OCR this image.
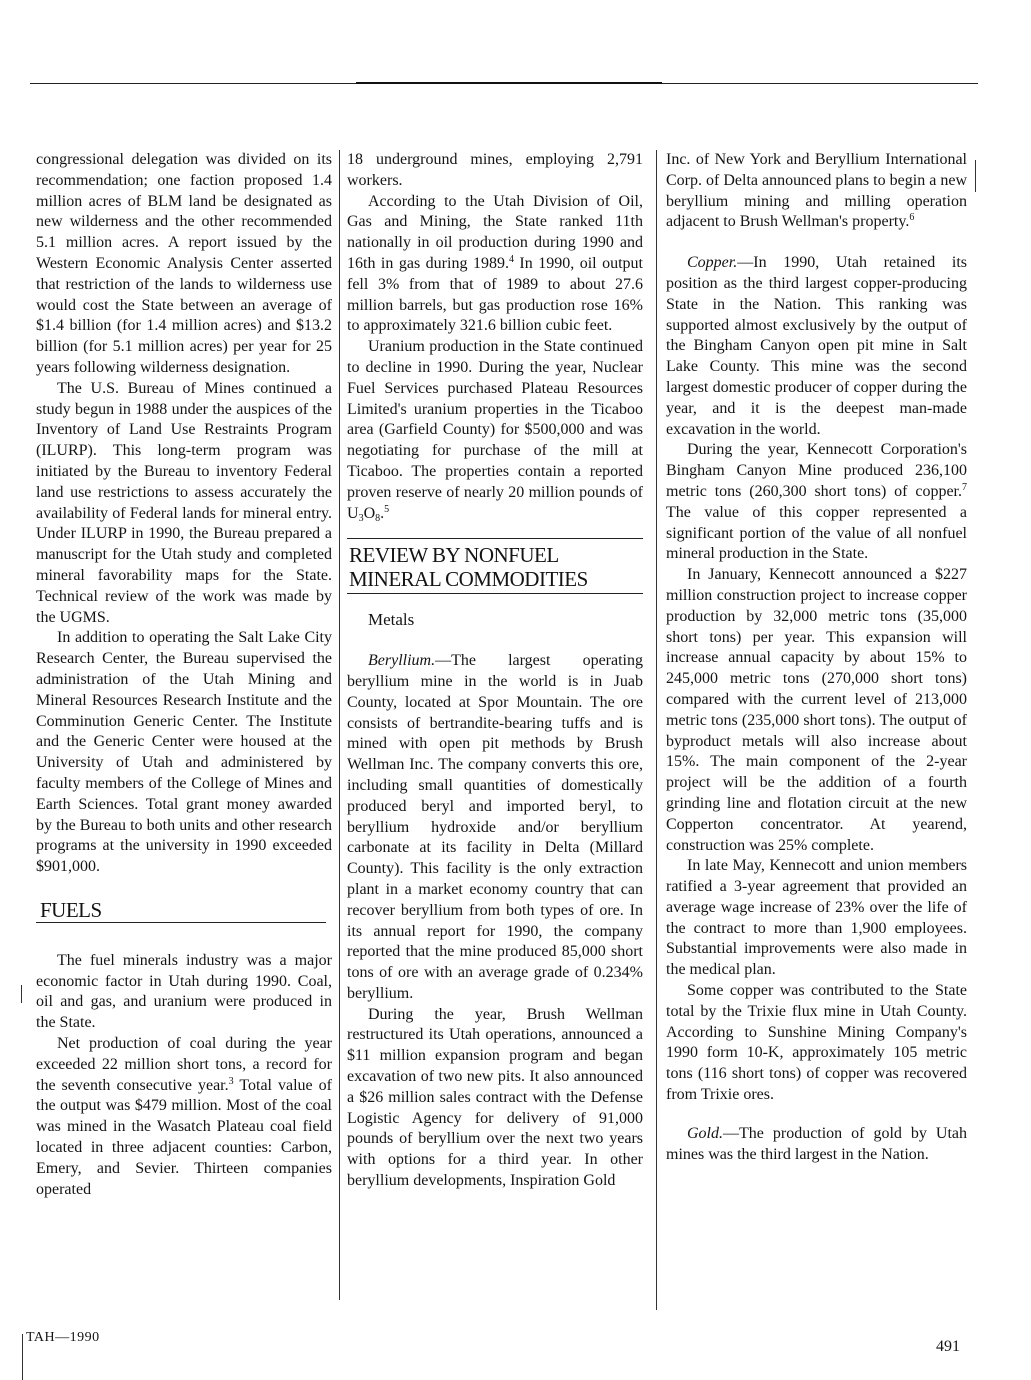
congressional delegation was divided on its recommendation; one faction proposed 1.4 million acres of BLM land be designated as new wilderness and the other recommended 5.1 million acres. A report issued by the Western Economic Analysis Center asserted that restriction of the lands to wilderness use would cost the State between an average of $1.4 billion (for 1.4 million acres) and $13.2 billion (for 5.1 million acres) per year for 25 years following wilderness designation.

The U.S. Bureau of Mines continued a study begun in 1988 under the auspices of the Inventory of Land Use Restraints Program (ILURP). This long-term program was initiated by the Bureau to inventory Federal land use restrictions to assess accurately the availability of Federal lands for mineral entry. Under ILURP in 1990, the Bureau prepared a manuscript for the Utah study and completed mineral favorability maps for the State. Technical review of the work was made by the UGMS.

In addition to operating the Salt Lake City Research Center, the Bureau supervised the administration of the Utah Mining and Mineral Resources Research Institute and the Comminution Generic Center. The Institute and the Generic Center were housed at the University of Utah and administered by faculty members of the College of Mines and Earth Sciences. Total grant money awarded by the Bureau to both units and other research programs at the university in 1990 exceeded $901,000.

FUELS

The fuel minerals industry was a major economic factor in Utah during 1990. Coal, oil and gas, and uranium were produced in the State.

Net production of coal during the year exceeded 22 million short tons, a record for the seventh consecutive year.$^3$ Total value of the output was $479 million. Most of the coal was mined in the Wasatch Plateau coal field located in three adjacent counties: Carbon, Emery, and Sevier. Thirteen companies operated

18 underground mines, employing 2,791 workers.

According to the Utah Division of Oil, Gas and Mining, the State ranked 11th nationally in oil production during 1990 and 16th in gas during 1989.$^4$ In 1990, oil output fell 3% from that of 1989 to about 27.6 million barrels, but gas production rose 16% to approximately 321.6 billion cubic feet.

Uranium production in the State continued to decline in 1990. During the year, Nuclear Fuel Services purchased Plateau Resources Limited's uranium properties in the Ticaboo area (Garfield County) for $500,000 and was negotiating for purchase of the mill at Ticaboo. The properties contain a reported proven reserve of nearly 20 million pounds of $U_3O_8.^5$

REVIEW BY NONFUEL
MINERAL COMMODITIES

Metals

Beryllium.—The largest operating beryllium mine in the world is in Juab County, located at Spor Mountain. The ore consists of bertrandite-bearing tuffs and is mined with open pit methods by Brush Wellman Inc. The company converts this ore, including small quantities of domestically produced beryl and imported beryl, to beryllium hydroxide and/or beryllium carbonate at its facility in Delta (Millard County). This facility is the only extraction plant in a market economy country that can recover beryllium from both types of ore. In its annual report for 1990, the company reported that the mine produced 85,000 short tons of ore with an average grade of 0.234% beryllium.

During the year, Brush Wellman restructured its Utah operations, announced a $11 million expansion program and began excavation of two new pits. It also announced a $26 million sales contract with the Defense Logistic Agency for delivery of 91,000 pounds of beryllium over the next two years with options for a third year. In other beryllium developments, Inspiration Gold

Inc. of New York and Beryllium International Corp. of Delta announced plans to begin a new beryllium mining and milling operation adjacent to Brush Wellman's property.$^6$

Copper.—In 1990, Utah retained its position as the third largest copper-producing State in the Nation. This ranking was supported almost exclusively by the output of the Bingham Canyon open pit mine in Salt Lake County. This mine was the second largest domestic producer of copper during the year, and it is the deepest man-made excavation in the world.

During the year, Kennecott Corporation's Bingham Canyon Mine produced 236,100 metric tons (260,300 short tons) of copper.$^7$ The value of this copper represented a significant portion of the value of all nonfuel mineral production in the State.

In January, Kennecott announced a $227 million construction project to increase copper production by 32,000 metric tons (35,000 short tons) per year. This expansion will increase annual capacity by about 15% to 245,000 metric tons (270,000 short tons) compared with the current level of 213,000 metric tons (235,000 short tons). The output of byproduct metals will also increase about 15%. The main component of the 2-year project will be the addition of a fourth grinding line and flotation circuit at the new Copperton concentrator. At yearend, construction was 25% complete.

In late May, Kennecott and union members ratified a 3-year agreement that provided an average wage increase of 23% over the life of the contract to more than 1,900 employees. Substantial improvements were also made in the medical plan.

Some copper was contributed to the State total by the Trixie flux mine in Utah County. According to Sunshine Mining Company's 1990 form 10-K, approximately 105 metric tons (116 short tons) of copper was recovered from Trixie ores.

Gold.—The production of gold by Utah mines was the third largest in the Nation.

TAH—1990
491
